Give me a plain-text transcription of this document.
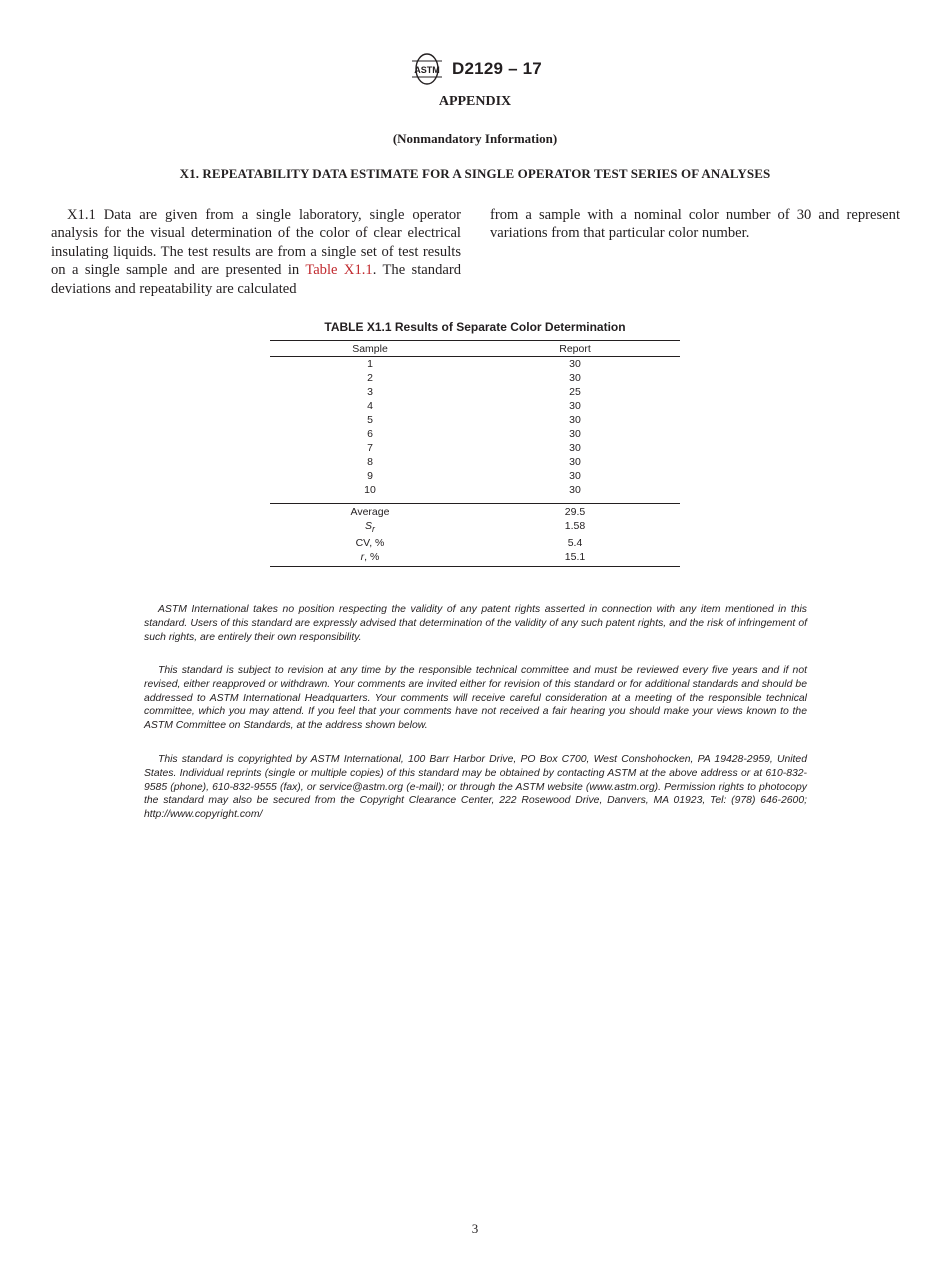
ASTM D2129 – 17
APPENDIX
(Nonmandatory Information)
X1. REPEATABILITY DATA ESTIMATE FOR A SINGLE OPERATOR TEST SERIES OF ANALYSES
X1.1 Data are given from a single laboratory, single operator analysis for the visual determination of the color of clear electrical insulating liquids. The test results are from a single set of test results on a single sample and are presented in Table X1.1. The standard deviations and repeatability are calculated
from a sample with a nominal color number of 30 and represent variations from that particular color number.
TABLE X1.1 Results of Separate Color Determination
Sample	Report
1	30
2	30
3	25
4	30
5	30
6	30
7	30
8	30
9	30
10	30
Average	29.5
$S_r$	1.58
CV, %	5.4
r, %	15.1
ASTM International takes no position respecting the validity of any patent rights asserted in connection with any item mentioned in this standard. Users of this standard are expressly advised that determination of the validity of any such patent rights, and the risk of infringement of such rights, are entirely their own responsibility.
This standard is subject to revision at any time by the responsible technical committee and must be reviewed every five years and if not revised, either reapproved or withdrawn. Your comments are invited either for revision of this standard or for additional standards and should be addressed to ASTM International Headquarters. Your comments will receive careful consideration at a meeting of the responsible technical committee, which you may attend. If you feel that your comments have not received a fair hearing you should make your views known to the ASTM Committee on Standards, at the address shown below.
This standard is copyrighted by ASTM International, 100 Barr Harbor Drive, PO Box C700, West Conshohocken, PA 19428-2959, United States. Individual reprints (single or multiple copies) of this standard may be obtained by contacting ASTM at the above address or at 610-832-9585 (phone), 610-832-9555 (fax), or service@astm.org (e-mail); or through the ASTM website (www.astm.org). Permission rights to photocopy the standard may also be secured from the Copyright Clearance Center, 222 Rosewood Drive, Danvers, MA 01923, Tel: (978) 646-2600; http://www.copyright.com/
3
